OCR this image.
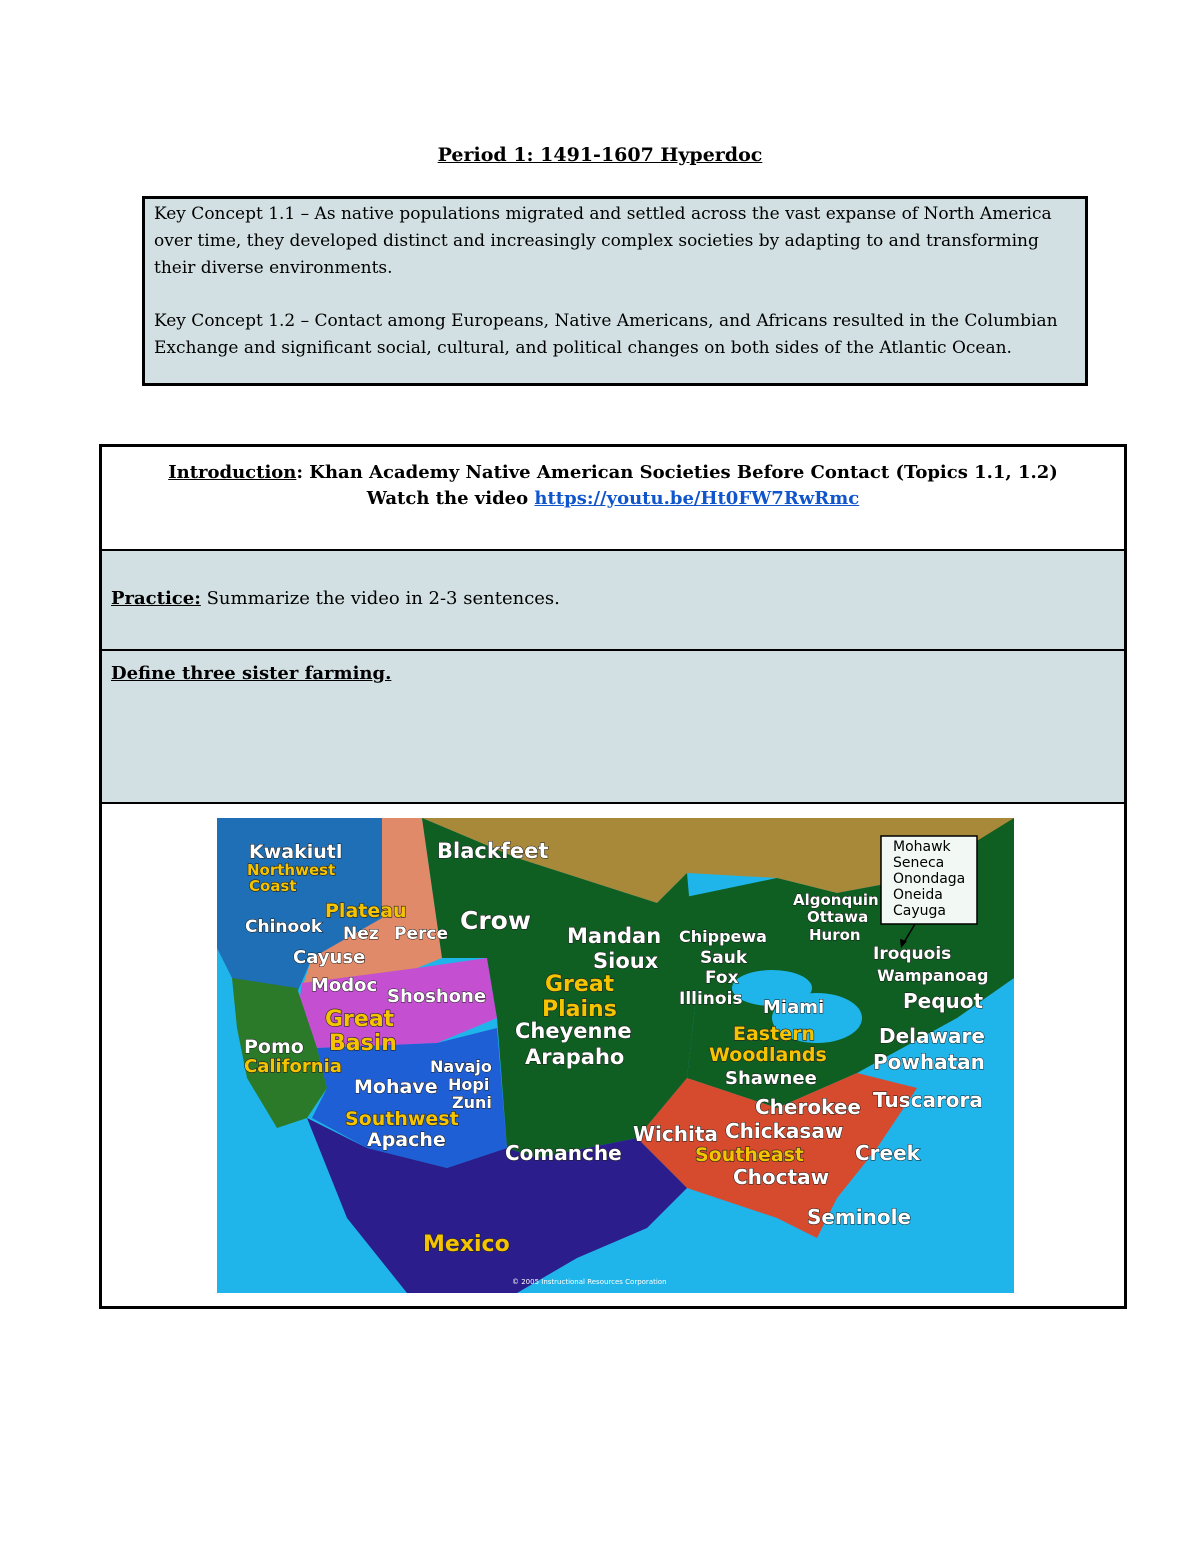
Period 1: 1491-1607 Hyperdoc

Key Concept 1.1 – As native populations migrated and settled across the vast expanse of North America over time, they developed distinct and increasingly complex societies by adapting to and transforming their diverse environments.

Key Concept 1.2 – Contact among Europeans, Native Americans, and Africans resulted in the Columbian Exchange and significant social, cultural, and political changes on both sides of the Atlantic Ocean.

Introduction: Khan Academy Native American Societies Before Contact (Topics 1.1, 1.2)
Watch the video https://youtu.be/Ht0FW7RwRmc
Practice: Summarize the video in 2-3 sentences.
Define three sister farming.
Kwakiutl
Northwest
Coast
Plateau
Chinook Nez Perce
Cayuse
Modoc
Shoshone
Great
Basin
Pomo
California	Navajo
Mohave Hopi
Zuni
Southwest
Apache
Blackfeet
Crow
Mandan
Sioux
Great
Plains
Cheyenne
Arapaho
Comanche
Wichita
Chippewa
Sauk
Fox
Illinois Miami
Algonquin
Ottawa
Huron
Eastern
Woodlands
Shawnee
Cherokee
Chickasaw
Southeast
Choctaw
Seminole
Iroquois
Wampanoag
Pequot
Delaware
Powhatan
Tuscarora
Creek
Mexico
Mohawk
Seneca
Onondaga
Oneida
Cayuga
© 2005 Instructional Resources Corporation
